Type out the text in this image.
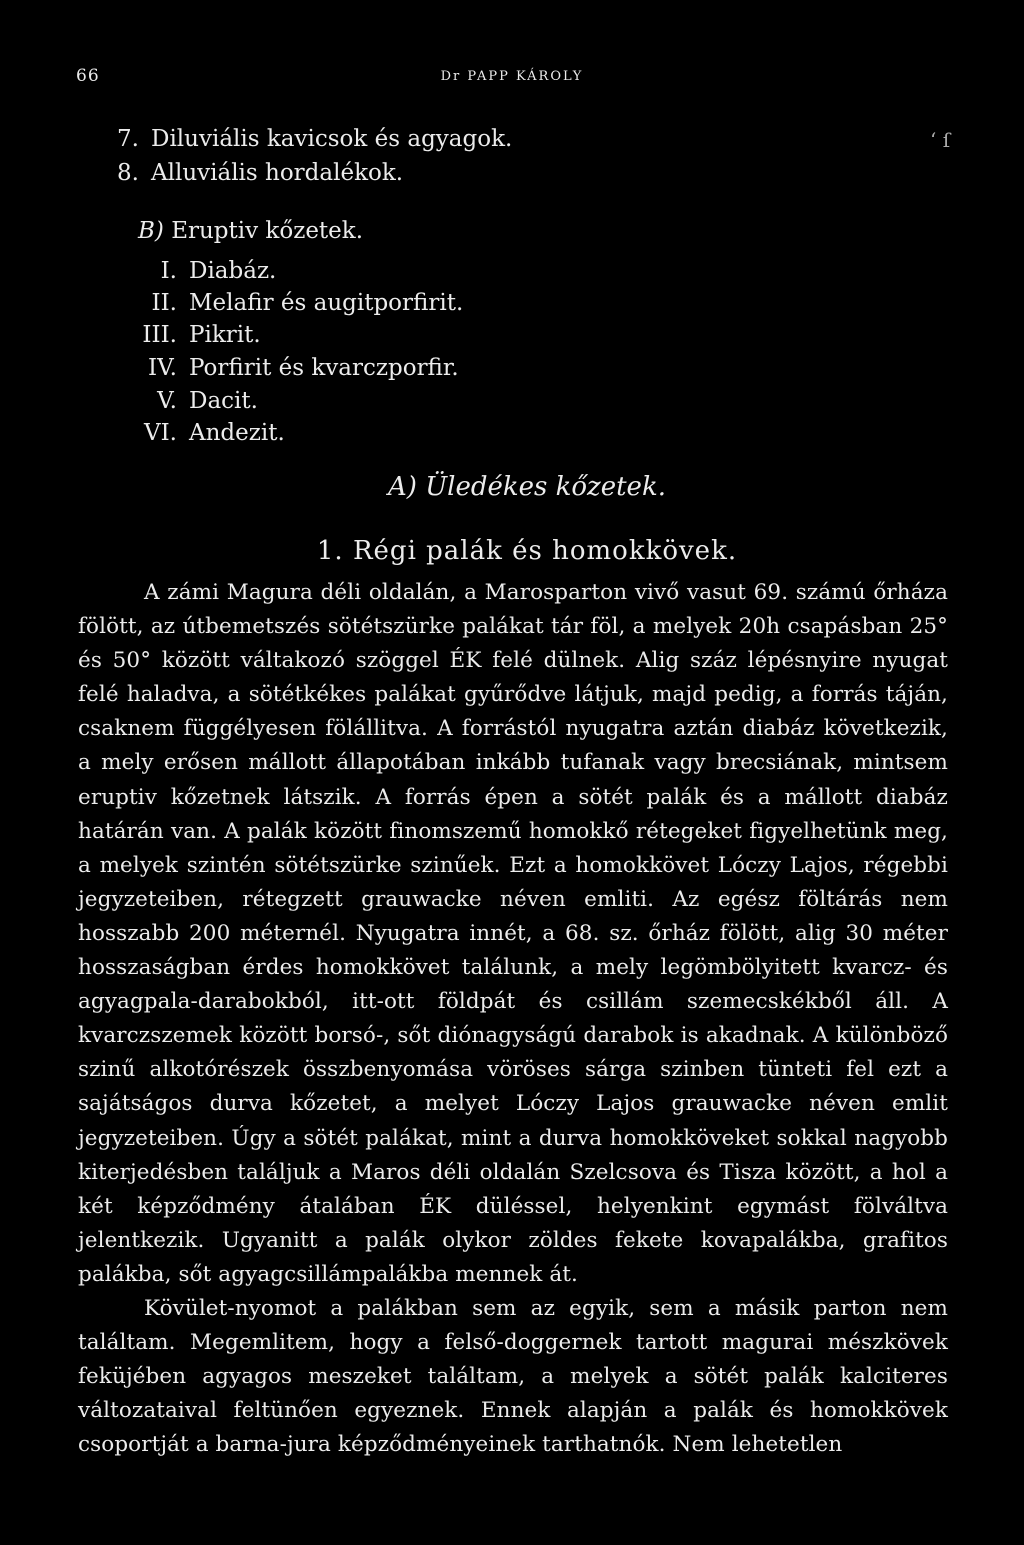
66	Dr PAPP KÁROLY
ʻ ſ
7. Diluviális kavicsok és agyagok.
8. Alluviális hordalékok.
B) Eruptiv kőzetek.
I. Diabáz.
II. Melafir és augitporfirit.
III. Pikrit.
IV. Porfirit és kvarczporfir.
V. Dacit.
VI. Andezit.
A) Üledékes kőzetek.
1. Régi palák és homokkövek.

A zámi Magura déli oldalán, a Marosparton vivő vasut 69. számú őrháza fölött, az útbemetszés sötétszürke palákat tár föl, a melyek 20h csapásban 25° és 50° között váltakozó szöggel ÉK felé dülnek. Alig száz lépésnyire nyugat felé haladva, a sötétkékes palákat gyűrődve látjuk, majd pedig, a forrás táján, csaknem függélyesen fölállitva. A forrástól nyugatra aztán diabáz következik, a mely erősen mállott állapotában inkább tufanak vagy brecsiának, mintsem eruptiv kőzetnek látszik. A forrás épen a sötét palák és a mállott diabáz határán van. A palák között finomszemű homokkő rétegeket figyelhetünk meg, a melyek szintén sötétszürke szinűek. Ezt a homokkövet Lóczy Lajos, régebbi jegyzeteiben, rétegzett grauwacke néven emliti. Az egész föltárás nem hosszabb 200 méternél. Nyugatra innét, a 68. sz. őrház fölött, alig 30 méter hosszaságban érdes homokkövet találunk, a mely legömbölyitett kvarcz- és agyagpala-darabokból, itt-ott földpát és csillám szemecskékből áll. A kvarczszemek között borsó-, sőt diónagyságú darabok is akadnak. A különböző szinű alkotórészek összbenyomása vöröses sárga szinben tünteti fel ezt a sajátságos durva kőzetet, a melyet Lóczy Lajos grauwacke néven emlit jegyzeteiben. Úgy a sötét palákat, mint a durva homokköveket sokkal nagyobb kiterjedésben találjuk a Maros déli oldalán Szelcsova és Tisza között, a hol a két képződmény átalában ÉK düléssel, helyenkint egymást fölváltva jelentkezik. Ugyanitt a palák olykor zöldes fekete kovapalákba, grafitos palákba, sőt agyagcsillámpalákba mennek át.

Kövület-nyomot a palákban sem az egyik, sem a másik parton nem találtam. Megemlitem, hogy a felső-doggernek tartott magurai mészkövek feküjében agyagos meszeket találtam, a melyek a sötét palák kalciteres változataival feltünően egyeznek. Ennek alapján a palák és homokkövek csoportját a barna-jura képződményeinek tarthatnók. Nem lehetetlen
